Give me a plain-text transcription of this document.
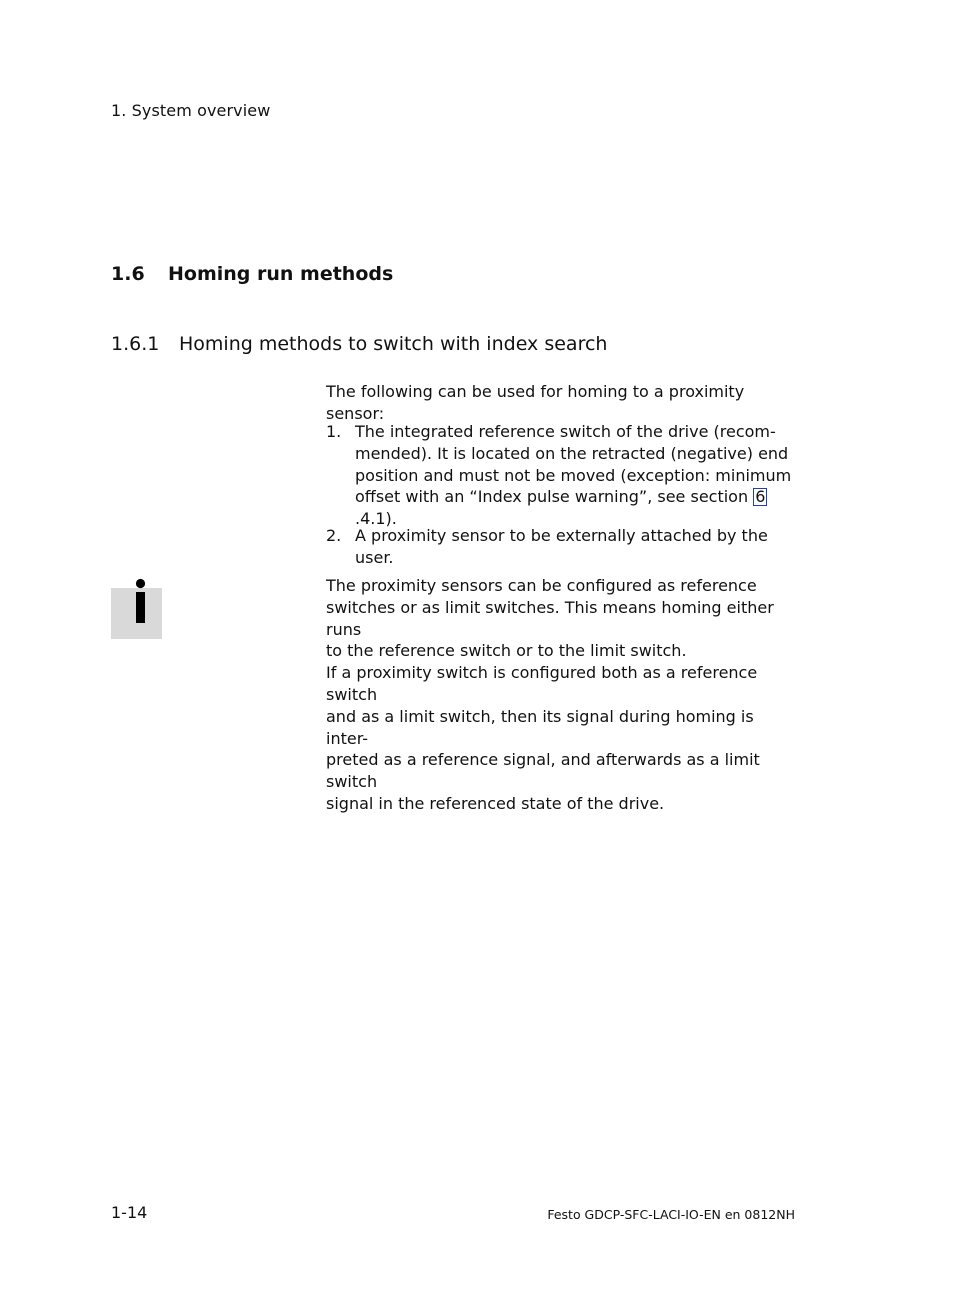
1. System overview
1.6 Homing run methods
1.6.1 Homing methods to switch with index search
The following can be used for homing to a proximity sensor:
1. The integrated reference switch of the drive (recom-
mended). It is located on the retracted (negative) end
position and must not be moved (exception: minimum
offset with an “Index pulse warning”, see section 6.4.1).
2. A proximity sensor to be externally attached by the user.
The proximity sensors can be configured as reference
switches or as limit switches. This means homing either runs
to the reference switch or to the limit switch.
If a proximity switch is configured both as a reference switch
and as a limit switch, then its signal during homing is inter-
preted as a reference signal, and afterwards as a limit switch
signal in the referenced state of the drive.
1-14	Festo GDCP-SFC-LACI-IO-EN en 0812NH
